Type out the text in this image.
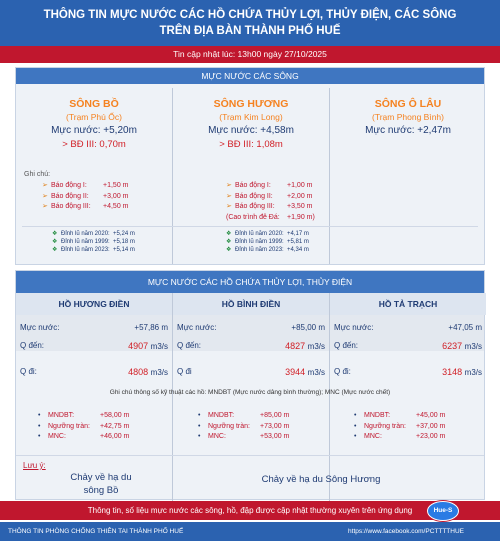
THÔNG TIN MỰC NƯỚC CÁC HỒ CHỨA THỦY LỢI, THỦY ĐIỆN, CÁC SÔNG
TRÊN ĐỊA BÀN THÀNH PHỐ HUẾ
Tin cập nhật lúc: 13h00 ngày 27/10/2025
MỰC NƯỚC CÁC SÔNG
SÔNG BỒ
(Trạm Phú Ốc)
Mực nước: +5,20m
> BĐ III: 0,70m
SÔNG HƯƠNG
(Trạm Kim Long)
Mực nước: +4,58m
> BĐ III: 1,08m
SÔNG Ô LÂU
(Trạm Phong Bình)
Mực nước: +2,47m
Ghi chú:
➢ Báo động I:	+1,50 m
➢ Báo động II:	+3,00 m
➢ Báo động III:	+4,50 m
➢ Báo động I:	+1,00 m
➢ Báo động II:	+2,00 m
➢ Báo động III:	+3,50 m
(Cao trình đê Đá:	+1,90 m)
❖ Đỉnh lũ năm 2020: +5,24 m
❖ Đỉnh lũ năm 1999: +5,18 m
❖ Đỉnh lũ năm 2023: +5,14 m
❖ Đỉnh lũ năm 2020: +4,17 m
❖ Đỉnh lũ năm 1999: +5,81 m
❖ Đỉnh lũ năm 2023: +4,34 m
MỰC NƯỚC CÁC HỒ CHỨA THỦY LỢI, THỦY ĐIỆN
HỒ HƯƠNG ĐIỀN
Mực nước:	+57,86 m
Q đến:	4907 m3/s
Q đi:	4808 m3/s
HỒ BÌNH ĐIỀN
Mực nước:	+85,00 m
Q đến:	4827 m3/s
Q đi	3944 m3/s
HỒ TẢ TRẠCH
Mực nước:	+47,05 m
Q đến:	6237 m3/s
Q đi:	3148 m3/s
Ghi chú thông số kỹ thuật các hồ: MNDBT (Mực nước dâng bình thường); MNC (Mực nước chết)
•	MNDBT:	+58,00 m
•	Ngưỡng tràn:	+42,75 m
•	MNC:	+46,00 m
•	MNDBT:	+85,00 m
•	Ngưỡng tràn:	+73,00 m
•	MNC:	+53,00 m
•	MNDBT:	+45,00 m
•	Ngưỡng tràn:	+37,00 m
•	MNC:	+23,00 m
Lưu ý:
Chảy về hạ du
sông Bồ
Chảy về hạ du Sông Hương
Thông tin, số liệu mực nước các sông, hồ, đập được cập nhật thường xuyên trên ứng dụng	Hue-S
THÔNG TIN PHÒNG CHỐNG THIÊN TAI THÀNH PHỐ HUẾ	https://www.facebook.com/PCTTTTHUE
